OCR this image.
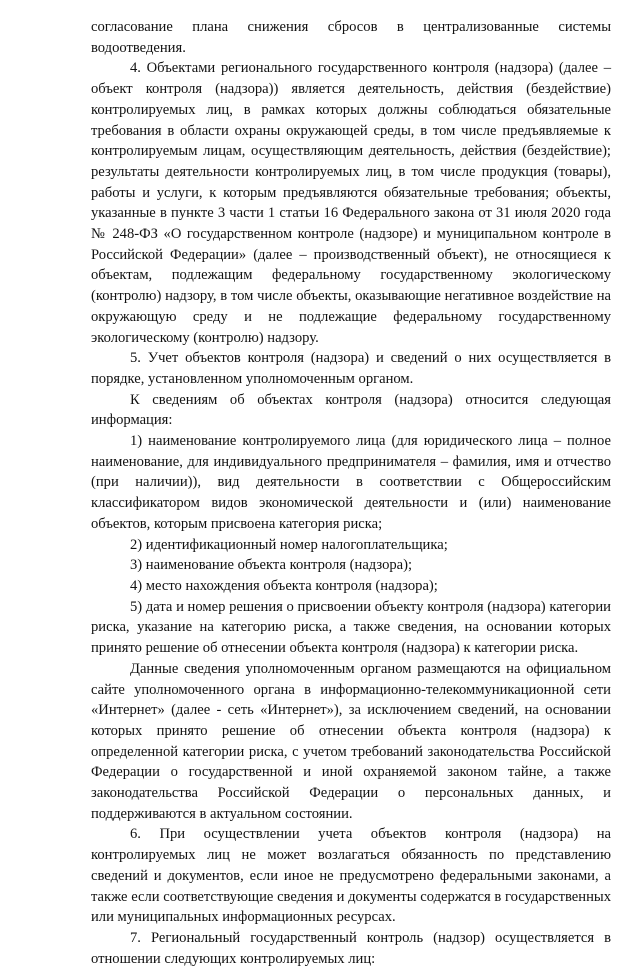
согласование плана снижения сбросов в централизованные системы водоотведения.

4. Объектами регионального государственного контроля (надзора) (далее – объект контроля (надзора)) является деятельность, действия (бездействие) контролируемых лиц, в рамках которых должны соблюдаться обязательные требования в области охраны окружающей среды, в том числе предъявляемые к контролируемым лицам, осуществляющим деятельность, действия (бездействие); результаты деятельности контролируемых лиц, в том числе продукция (товары), работы и услуги, к которым предъявляются обязательные требования; объекты, указанные в пункте 3 части 1 статьи 16 Федерального закона от 31 июля 2020 года № 248-ФЗ «О государственном контроле (надзоре) и муниципальном контроле в Российской Федерации» (далее – производственный объект), не относящиеся к объектам, подлежащим федеральному государственному экологическому (контролю) надзору, в том числе объекты, оказывающие негативное воздействие на окружающую среду и не подлежащие федеральному государственному экологическому (контролю) надзору.

5. Учет объектов контроля (надзора) и сведений о них осуществляется в порядке, установленном уполномоченным органом.

К сведениям об объектах контроля (надзора) относится следующая информация:

1) наименование контролируемого лица (для юридического лица – полное наименование, для индивидуального предпринимателя – фамилия, имя и отчество (при наличии)), вид деятельности в соответствии с Общероссийским классификатором видов экономической деятельности и (или) наименование объектов, которым присвоена категория риска;

2) идентификационный номер налогоплательщика;

3) наименование объекта контроля (надзора);

4) место нахождения объекта контроля (надзора);

5) дата и номер решения о присвоении объекту контроля (надзора) категории риска, указание на категорию риска, а также сведения, на основании которых принято решение об отнесении объекта контроля (надзора) к категории риска.

Данные сведения уполномоченным органом размещаются на официальном сайте уполномоченного органа в информационно-телекоммуникационной сети «Интернет» (далее - сеть «Интернет»), за исключением сведений, на основании которых принято решение об отнесении объекта контроля (надзора) к определенной категории риска, с учетом требований законодательства Российской Федерации о государственной и иной охраняемой законом тайне, а также законодательства Российской Федерации о персональных данных, и поддерживаются в актуальном состоянии.

6. При осуществлении учета объектов контроля (надзора) на контролируемых лиц не может возлагаться обязанность по представлению сведений и документов, если иное не предусмотрено федеральными законами, а также если соответствующие сведения и документы содержатся в государственных или муниципальных информационных ресурсах.

7. Региональный государственный контроль (надзор) осуществляется в отношении следующих контролируемых лиц:
